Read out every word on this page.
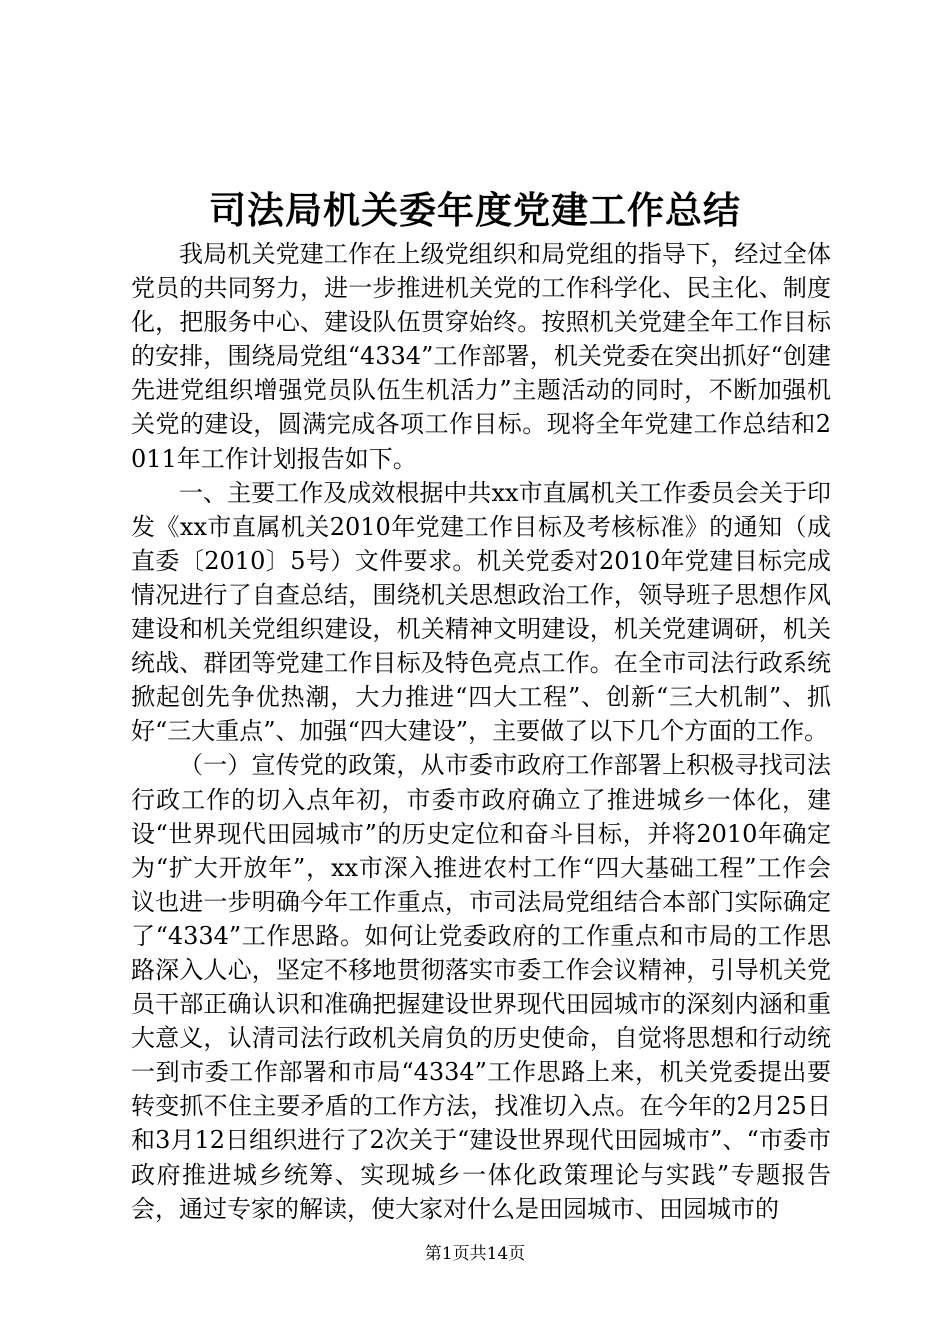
司法局机关委年度党建工作总结

我局机关党建工作在上级党组织和局党组的指导下，经过全体党员的共同努力，进一步推进机关党的工作科学化、民主化、制度化，把服务中心、建设队伍贯穿始终。按照机关党建全年工作目标的安排，围绕局党组“4334”工作部署，机关党委在突出抓好“创建先进党组织增强党员队伍生机活力”主题活动的同时，不断加强机关党的建设，圆满完成各项工作目标。现将全年党建工作总结和2011年工作计划报告如下。

一、主要工作及成效根据中共xx市直属机关工作委员会关于印发《xx市直属机关2010年党建工作目标及考核标准》的通知（成直委〔2010〕5号）文件要求。机关党委对2010年党建目标完成情况进行了自查总结，围绕机关思想政治工作，领导班子思想作风建设和机关党组织建设，机关精神文明建设，机关党建调研，机关统战、群团等党建工作目标及特色亮点工作。在全市司法行政系统掀起创先争优热潮，大力推进“四大工程”、创新“三大机制”、抓好“三大重点”、加强“四大建设”，主要做了以下几个方面的工作。

（一）宣传党的政策，从市委市政府工作部署上积极寻找司法行政工作的切入点年初，市委市政府确立了推进城乡一体化，建设“世界现代田园城市”的历史定位和奋斗目标，并将2010年确定为“扩大开放年”，xx市深入推进农村工作“四大基础工程”工作会议也进一步明确今年工作重点，市司法局党组结合本部门实际确定了“4334”工作思路。如何让党委政府的工作重点和市局的工作思路深入人心，坚定不移地贯彻落实市委工作会议精神，引导机关党员干部正确认识和准确把握建设世界现代田园城市的深刻内涵和重大意义，认清司法行政机关肩负的历史使命，自觉将思想和行动统一到市委工作部署和市局“4334”工作思路上来，机关党委提出要转变抓不住主要矛盾的工作方法，找准切入点。在今年的2月25日和3月12日组织进行了2次关于“建设世界现代田园城市”、“市委市政府推进城乡统筹、实现城乡一体化政策理论与实践”专题报告会，通过专家的解读，使大家对什么是田园城市、田园城市的

第1页共14页
